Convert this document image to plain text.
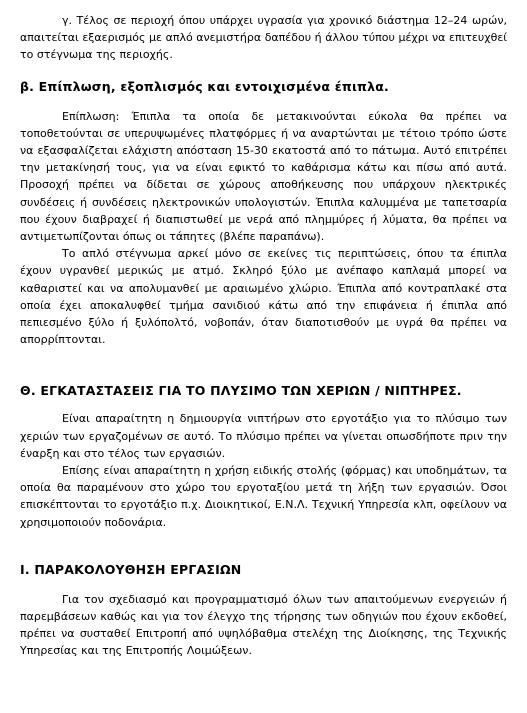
γ. Τέλος σε περιοχή όπου υπάρχει υγρασία για χρονικό διάστημα 12–24 ωρών, απαιτείται εξαερισμός με απλό ανεμιστήρα δαπέδου ή άλλου τύπου μέχρι να επιτευχθεί το στέγνωμα της περιοχής.

β. Επίπλωση, εξοπλισμός και εντοιχισμένα έπιπλα.

Επίπλωση: Έπιπλα τα οποία δε μετακινούνται εύκολα θα πρέπει να τοποθετούνται σε υπερυψωμένες πλατφόρμες ή να αναρτώνται με τέτοιο τρόπο ώστε να εξασφαλίζεται ελάχιστη απόσταση 15-30 εκατοστά από το πάτωμα. Αυτό επιτρέπει την μετακίνησή τους, για να είναι εφικτό το καθάρισμα κάτω και πίσω από αυτά. Προσοχή πρέπει να δίδεται σε χώρους αποθήκευσης που υπάρχουν ηλεκτρικές συνδέσεις ή συνδέσεις ηλεκτρονικών υπολογιστών. Έπιπλα καλυμμένα με ταπετσαρία που έχουν διαβραχεί ή διαπιστωθεί με νερά από πλημμύρες ή λύματα, θα πρέπει να αντιμετωπίζονται όπως οι τάπητες (βλέπε παραπάνω).

Το απλό στέγνωμα αρκεί μόνο σε εκείνες τις περιπτώσεις, όπου τα έπιπλα έχουν υγρανθεί μερικώς με ατμό. Σκληρό ξύλο με ανέπαφο καπλαμά μπορεί να καθαριστεί και να απολυμανθεί με αραιωμένο χλώριο. Έπιπλα από κοντραπλακέ στα οποία έχει αποκαλυφθεί τμήμα σανιδιού κάτω από την επιφάνεια ή έπιπλα από πεπιεσμένο ξύλο ή ξυλόπολτό, νοβοπάν, όταν διαποτισθούν με υγρά θα πρέπει να απορρίπτονται.

Θ. ΕΓΚΑΤΑΣΤΑΣΕΙΣ ΓΙΑ ΤΟ ΠΛΥΣΙΜΟ ΤΩΝ ΧΕΡΙΩΝ / ΝΙΠΤΗΡΕΣ.

Είναι απαραίτητη η δημιουργία νιπτήρων στο εργοτάξιο για το πλύσιμο των χεριών των εργαζομένων σε αυτό. Το πλύσιμο πρέπει να γίνεται οπωσδήποτε πριν την έναρξη και στο τέλος των εργασιών.

Επίσης είναι απαραίτητη η χρήση ειδικής στολής (φόρμας) και υποδημάτων, τα οποία θα παραμένουν στο χώρο του εργοταξίου μετά τη λήξη των εργασιών. Όσοι επισκέπτονται το εργοτάξιο π.χ. Διοικητικοί, Ε.Ν.Λ. Τεχνική Υπηρεσία κλπ, οφείλουν να χρησιμοποιούν ποδονάρια.

Ι. ΠΑΡΑΚΟΛΟΥΘΗΣΗ ΕΡΓΑΣΙΩΝ

Για τον σχεδιασμό και προγραμματισμό όλων των απαιτούμενων ενεργειών ή παρεμβάσεων καθώς και για τον έλεγχο της τήρησης των οδηγιών που έχουν εκδοθεί, πρέπει να συσταθεί Επιτροπή από υψηλόβαθμα στελέχη της Διοίκησης, της Τεχνικής Υπηρεσίας και της Επιτροπής Λοιμώξεων.
